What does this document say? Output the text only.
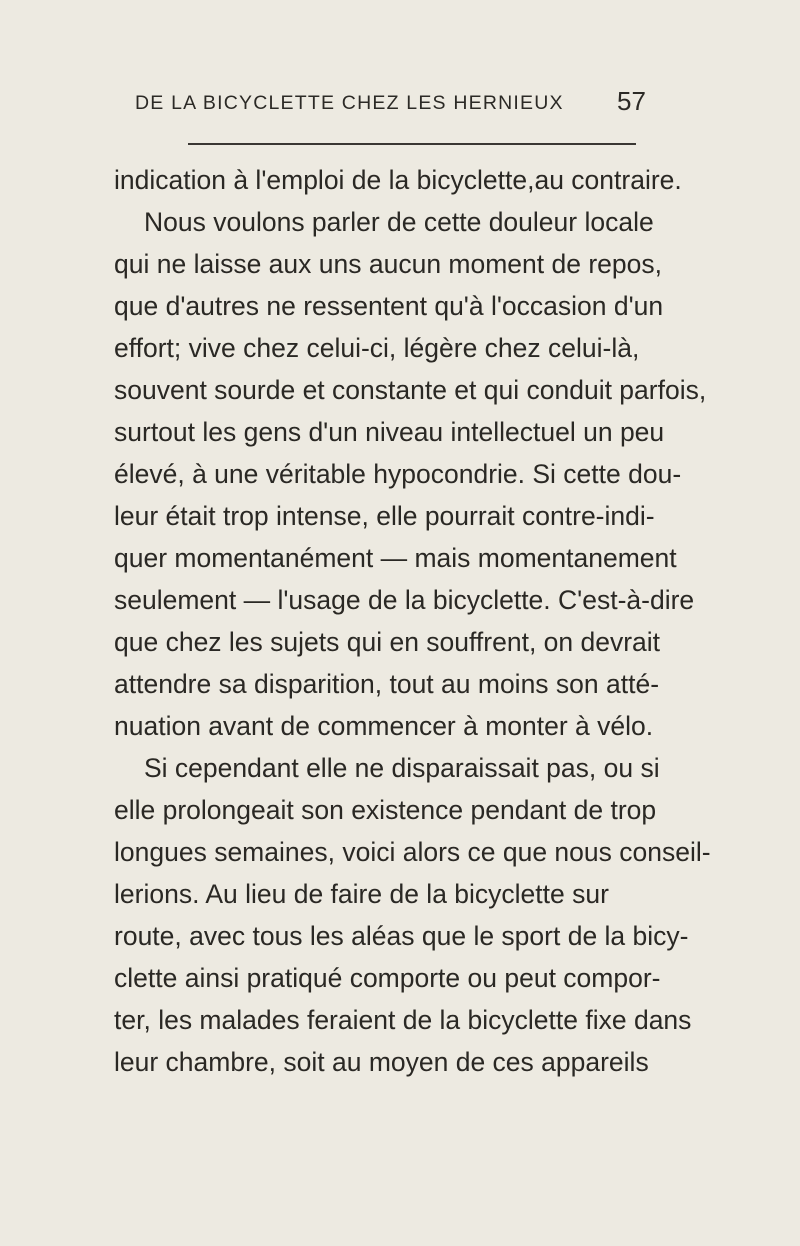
DE LA BICYCLETTE CHEZ LES HERNIEUX 57
indication à l'emploi de la bicyclette,au contraire.
Nous voulons parler de cette douleur locale
qui ne laisse aux uns aucun moment de repos,
que d'autres ne ressentent qu'à l'occasion d'un
effort; vive chez celui-ci, légère chez celui-là,
souvent sourde et constante et qui conduit parfois,
surtout les gens d'un niveau intellectuel un peu
élevé, à une véritable hypocondrie. Si cette dou-
leur était trop intense, elle pourrait contre-indi-
quer momentanément — mais momentanement
seulement — l'usage de la bicyclette. C'est-à-dire
que chez les sujets qui en souffrent, on devrait
attendre sa disparition, tout au moins son atté-
nuation avant de commencer à monter à vélo.
Si cependant elle ne disparaissait pas, ou si
elle prolongeait son existence pendant de trop
longues semaines, voici alors ce que nous conseil-
lerions. Au lieu de faire de la bicyclette sur
route, avec tous les aléas que le sport de la bicy-
clette ainsi pratiqué comporte ou peut compor-
ter, les malades feraient de la bicyclette fixe dans
leur chambre, soit au moyen de ces appareils
